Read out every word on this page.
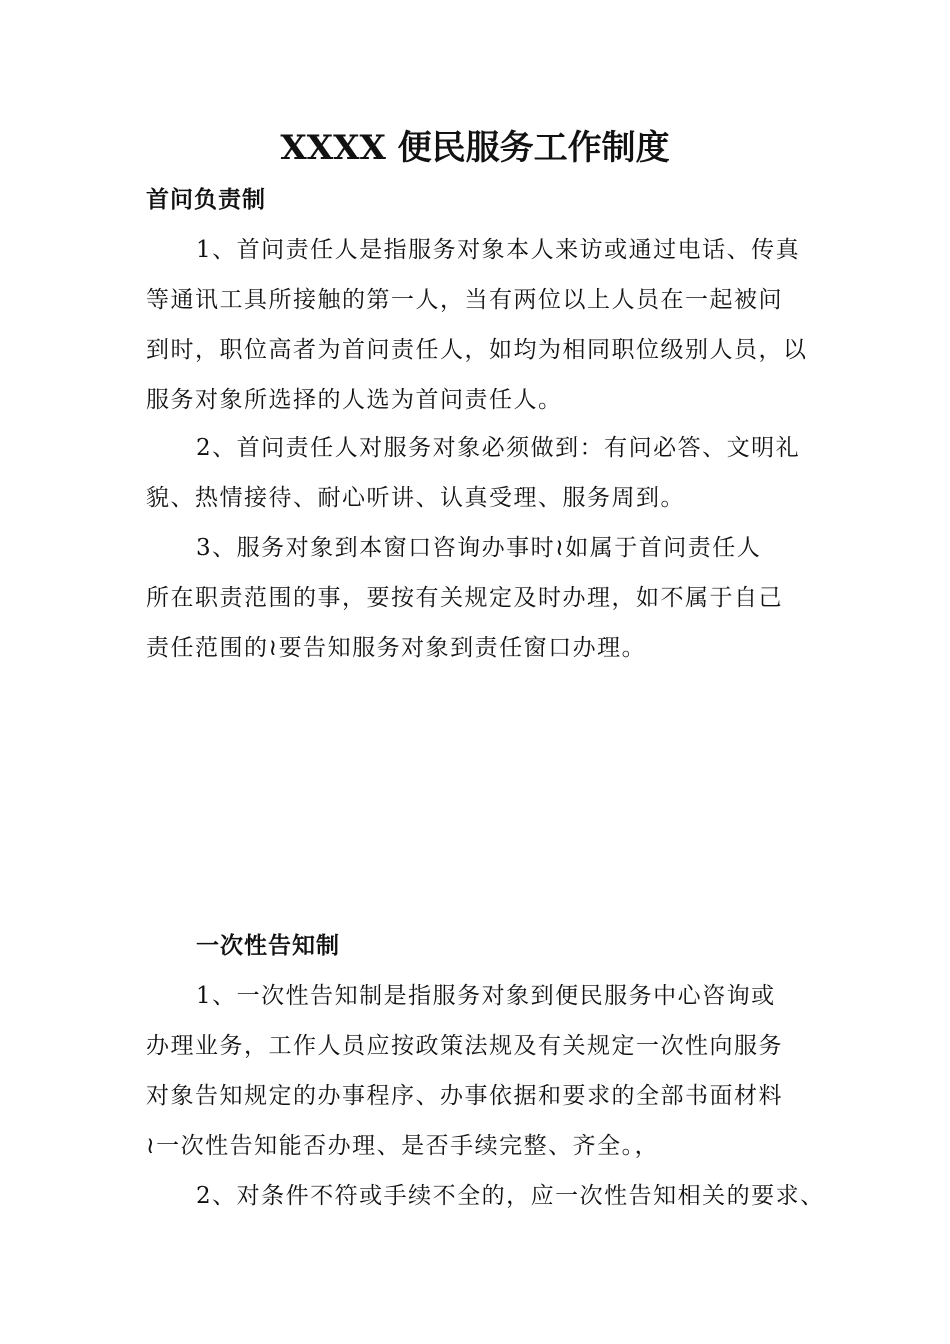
XXXX 便民服务工作制度
首问负责制
1、首问责任人是指服务对象本人来访或通过电话、传真
等通讯工具所接触的第一人，当有两位以上人员在一起被问
到时，职位高者为首问责任人，如均为相同职位级别人员，以
服务对象所选择的人选为首问责任人。
2、首问责任人对服务对象必须做到：有问必答、文明礼
貌、热情接待、耐心听讲、认真受理、服务周到。
3、服务对象到本窗口咨询办事时≀如属于首问责任人
所在职责范围的事，要按有关规定及时办理，如不属于自己
责任范围的≀要告知服务对象到责任窗口办理。
一次性告知制
1、一次性告知制是指服务对象到便民服务中心咨询或
办理业务，工作人员应按政策法规及有关规定一次性向服务
对象告知规定的办事程序、办事依据和要求的全部书面材料
≀一次性告知能否办理、是否手续完整、齐全。，
2、对条件不符或手续不全的，应一次性告知相关的要求、
